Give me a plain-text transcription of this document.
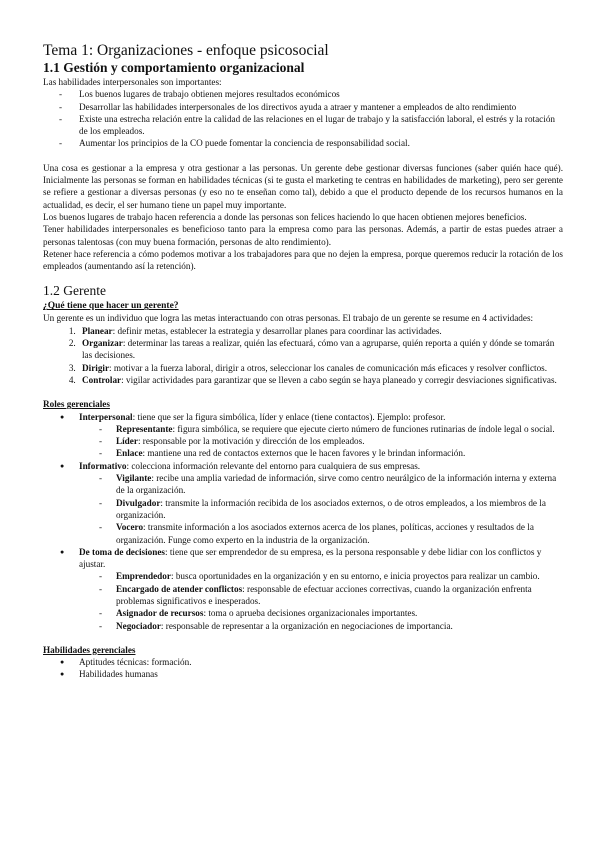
Tema 1: Organizaciones - enfoque psicosocial
1.1 Gestión y comportamiento organizacional

Las habilidades interpersonales son importantes:

- Los buenos lugares de trabajo obtienen mejores resultados económicos
- Desarrollar las habilidades interpersonales de los directivos ayuda a atraer y mantener a empleados de alto rendimiento
- Existe una estrecha relación entre la calidad de las relaciones en el lugar de trabajo y la satisfacción laboral, el estrés y la rotación de los empleados.
- Aumentar los principios de la CO puede fomentar la conciencia de responsabilidad social.

Una cosa es gestionar a la empresa y otra gestionar a las personas. Un gerente debe gestionar diversas funciones (saber quién hace qué). Inicialmente las personas se forman en habilidades técnicas (si te gusta el marketing te centras en habilidades de marketing), pero ser gerente se refiere a gestionar a diversas personas (y eso no te enseñan como tal), debido a que el producto depende de los recursos humanos en la actualidad, es decir, el ser humano tiene un papel muy importante.

Los buenos lugares de trabajo hacen referencia a donde las personas son felices haciendo lo que hacen obtienen mejores beneficios.

Tener habilidades interpersonales es beneficioso tanto para la empresa como para las personas. Además, a partir de estas puedes atraer a personas talentosas (con muy buena formación, personas de alto rendimiento).

Retener hace referencia a cómo podemos motivar a los trabajadores para que no dejen la empresa, porque queremos reducir la rotación de los empleados (aumentando así la retención).

1.2 Gerente
¿Qué tiene que hacer un gerente?

Un gerente es un individuo que logra las metas interactuando con otras personas. El trabajo de un gerente se resume en 4 actividades:

1. Planear: definir metas, establecer la estrategia y desarrollar planes para coordinar las actividades.
2. Organizar: determinar las tareas a realizar, quién las efectuará, cómo van a agruparse, quién reporta a quién y dónde se tomarán las decisiones.
3. Dirigir: motivar a la fuerza laboral, dirigir a otros, seleccionar los canales de comunicación más eficaces y resolver conflictos.
4. Controlar: vigilar actividades para garantizar que se lleven a cabo según se haya planeado y corregir desviaciones significativas.
Roles gerenciales
● Interpersonal: tiene que ser la figura simbólica, líder y enlace (tiene contactos). Ejemplo: profesor.
- Representante: figura simbólica, se requiere que ejecute cierto número de funciones rutinarias de índole legal o social.
- Líder: responsable por la motivación y dirección de los empleados.
- Enlace: mantiene una red de contactos externos que le hacen favores y le brindan información.
● Informativo: colecciona información relevante del entorno para cualquiera de sus empresas.
- Vigilante: recibe una amplia variedad de información, sirve como centro neurálgico de la información interna y externa de la organización.
- Divulgador: transmite la información recibida de los asociados externos, o de otros empleados, a los miembros de la organización.
- Vocero: transmite información a los asociados externos acerca de los planes, políticas, acciones y resultados de la organización. Funge como experto en la industria de la organización.
● De toma de decisiones: tiene que ser emprendedor de su empresa, es la persona responsable y debe lidiar con los conflictos y ajustar.
- Emprendedor: busca oportunidades en la organización y en su entorno, e inicia proyectos para realizar un cambio.
- Encargado de atender conflictos: responsable de efectuar acciones correctivas, cuando la organización enfrenta problemas significativos e inesperados.
- Asignador de recursos: toma o aprueba decisiones organizacionales importantes.
- Negociador: responsable de representar a la organización en negociaciones de importancia.
Habilidades gerenciales
● Aptitudes técnicas: formación.
● Habilidades humanas
